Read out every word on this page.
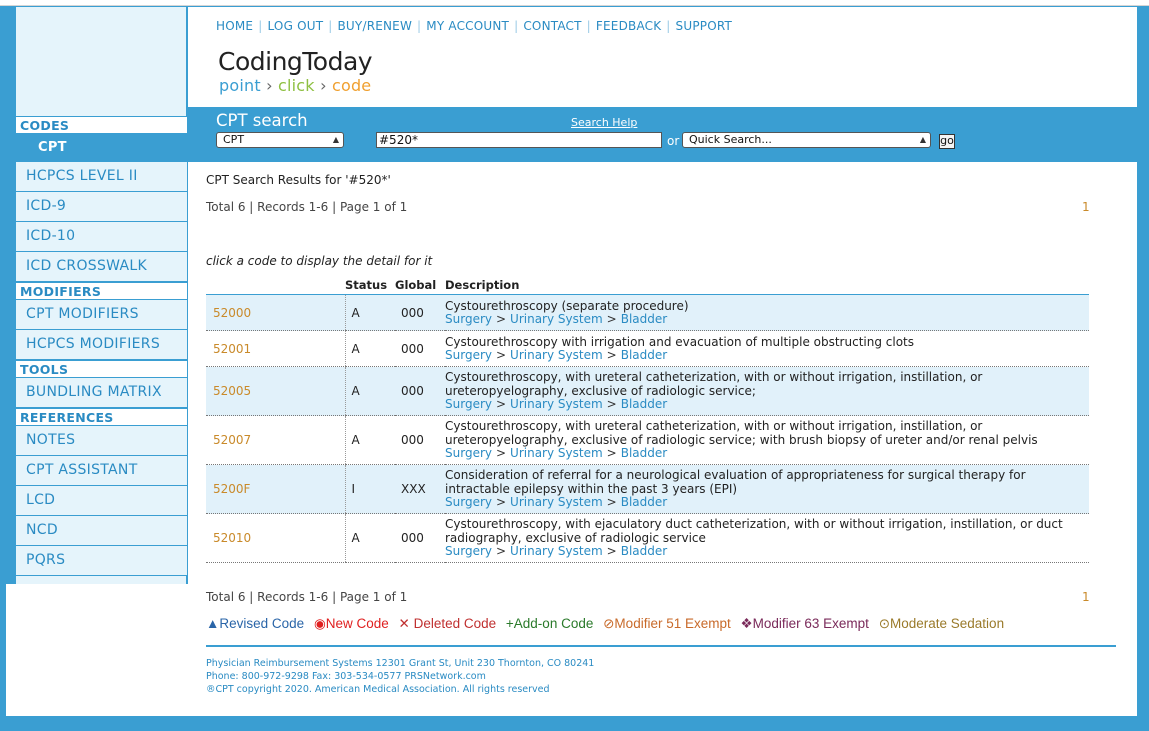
CODES
CPT
HCPCS LEVEL II
ICD-9
ICD-10
ICD CROSSWALK
MODIFIERS
CPT MODIFIERS
HCPCS MODIFIERS
TOOLS
BUNDLING MATRIX
REFERENCES
NOTES
CPT ASSISTANT
LCD
NCD
PQRS
HOME | LOG OUT | BUY/RENEW | MY ACCOUNT | CONTACT | FEEDBACK | SUPPORT
CodingToday
point › click › code
CPT search	Search Help
CPT	▲	#520*	or Quick Search...	▲ go
CPT Search Results for '#520*'
Total 6 | Records 1-6 | Page 1 of 1	1
click a code to display the detail for it
	Status	Global	Description
52000	A	000	Cystourethroscopy (separate procedure)
Surgery > Urinary System > Bladder

52001	A	000	Cystourethroscopy with irrigation and evacuation of multiple obstructing clots
Surgery > Urinary System > Bladder

52005	A	000	Cystourethroscopy, with ureteral catheterization, with or without irrigation, instillation, or ureteropyelography, exclusive of radiologic service;
Surgery > Urinary System > Bladder

52007	A	000	Cystourethroscopy, with ureteral catheterization, with or without irrigation, instillation, or ureteropyelography, exclusive of radiologic service; with brush biopsy of ureter and/or renal pelvis
Surgery > Urinary System > Bladder

5200F	I	XXX	Consideration of referral for a neurological evaluation of appropriateness for surgical therapy for intractable epilepsy within the past 3 years (EPI)
Surgery > Urinary System > Bladder

52010	A	000	Cystourethroscopy, with ejaculatory duct catheterization, with or without irrigation, instillation, or duct radiography, exclusive of radiologic service
Surgery > Urinary System > Bladder
Total 6 | Records 1-6 | Page 1 of 1	1
▲Revised Code ◉New Code ✕ Deleted Code +Add-on Code ⊘Modifier 51 Exempt ❖Modifier 63 Exempt ⊙Moderate Sedation
Physician Reimbursement Systems 12301 Grant St, Unit 230 Thornton, CO 80241
Phone: 800-972-9298 Fax: 303-534-0577 PRSNetwork.com
®CPT copyright 2020. American Medical Association. All rights reserved
